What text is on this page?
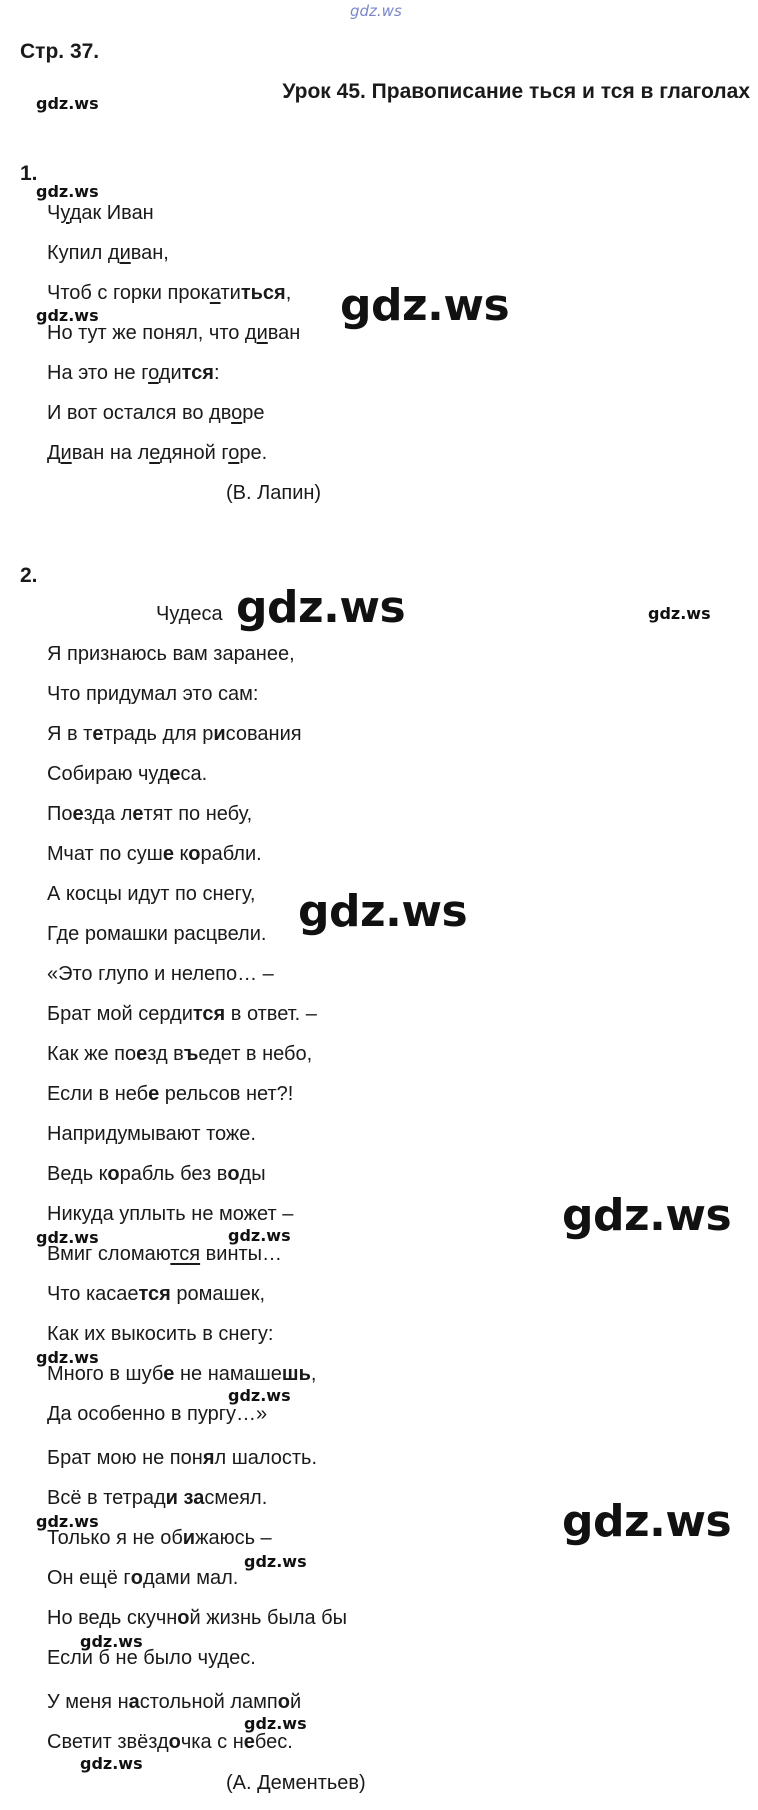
gdz.ws
Стр. 37.
Урок 45. Правописание ться и тся в глаголах
gdz.ws
1.
gdz.ws
Чудак Иван
Купил диван,
Чтоб с горки прокатиться,
Но тут же понял, что диван
На это не годится:
И вот остался во дворе
Диван на ледяной горе.
gdz.ws	gdz.ws
(В. Лапин)
2.
Чудеса gdz.ws	gdz.ws
Я признаюсь вам заранее,
Что придумал это сам:
Я в тетрадь для рисования
Собираю чудеса.
Поезда летят по небу,
Мчат по суше корабли.
А косцы идут по снегу,
Где ромашки расцвели.
«Это глупо и нелепо… –
Брат мой сердится в ответ. –
Как же поезд въедет в небо,
Если в небе рельсов нет?!
Напридумывают тоже.
Ведь корабль без воды
Никуда уплыть не может –
Вмиг сломаются винты…
Что касается ромашек,
Как их выкосить в снегу:
Много в шубе не намашешь,
Да особенно в пургу…»
Брат мою не понял шалость.
Всё в тетради засмеял.
Только я не обижаюсь –
Он ещё годами мал.
Но ведь скучной жизнь была бы
Если б не было чудес.
У меня настольной лампой
Светит звёздочка с небес.
gdz.ws
gdz.ws
gdz.ws	gdz.ws
gdz.ws
gdz.ws
gdz.ws
gdz.ws
gdz.ws
gdz.ws
gdz.ws
gdz.ws
(А. Дементьев)
